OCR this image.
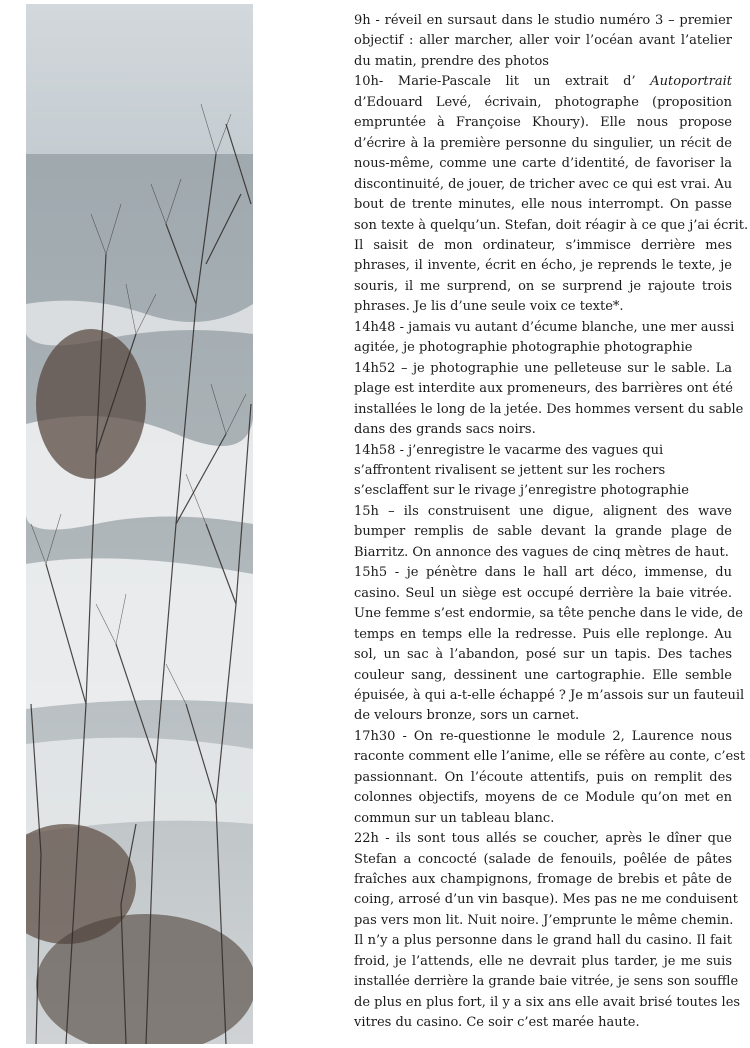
9h - réveil en sursaut dans le studio numéro 3 – premier
objectif : aller marcher, aller voir l’océan avant l’atelier
du matin, prendre des photos

10h- Marie-Pascale lit un extrait d’ Autoportrait
d’Edouard Levé, écrivain, photographe (proposition
empruntée à Françoise Khoury). Elle nous propose
d’écrire à la première personne du singulier, un récit de
nous-même, comme une carte d’identité, de favoriser la
discontinuité, de jouer, de tricher avec ce qui est vrai. Au
bout de trente minutes, elle nous interrompt. On passe
son texte à quelqu’un. Stefan, doit réagir à ce que j’ai écrit.
Il saisit de mon ordinateur, s’immisce derrière mes
phrases, il invente, écrit en écho, je reprends le texte, je
souris, il me surprend, on se surprend je rajoute trois
phrases. Je lis d’une seule voix ce texte*.

14h48 - jamais vu autant d’écume blanche, une mer aussi
agitée, je photographie photographie photographie

14h52 – je photographie une pelleteuse sur le sable. La
plage est interdite aux promeneurs, des barrières ont été
installées le long de la jetée. Des hommes versent du sable
dans des grands sacs noirs.

14h58 - j’enregistre le vacarme des vagues qui
s’affrontent rivalisent se jettent sur les rochers
s’esclaffent sur le rivage j’enregistre photographie

15h – ils construisent une digue, alignent des wave
bumper remplis de sable devant la grande plage de
Biarritz. On annonce des vagues de cinq mètres de haut.

15h5 - je pénètre dans le hall art déco, immense, du
casino. Seul un siège est occupé derrière la baie vitrée.
Une femme s’est endormie, sa tête penche dans le vide, de
temps en temps elle la redresse. Puis elle replonge. Au
sol, un sac à l’abandon, posé sur un tapis. Des taches
couleur sang, dessinent une cartographie. Elle semble
épuisée, à qui a-t-elle échappé ? Je m’assois sur un fauteuil
de velours bronze, sors un carnet.

17h30 - On re-questionne le module 2, Laurence nous
raconte comment elle l’anime, elle se réfère au conte, c’est
passionnant. On l’écoute attentifs, puis on remplit des
colonnes objectifs, moyens de ce Module qu’on met en
commun sur un tableau blanc.

22h - ils sont tous allés se coucher, après le dîner que
Stefan a concocté (salade de fenouils, poêlée de pâtes
fraîches aux champignons, fromage de brebis et pâte de
coing, arrosé d’un vin basque). Mes pas ne me conduisent
pas vers mon lit. Nuit noire. J’emprunte le même chemin.
Il n’y a plus personne dans le grand hall du casino. Il fait
froid, je l’attends, elle ne devrait plus tarder, je me suis
installée derrière la grande baie vitrée, je sens son souffle
de plus en plus fort, il y a six ans elle avait brisé toutes les
vitres du casino. Ce soir c’est marée haute.
